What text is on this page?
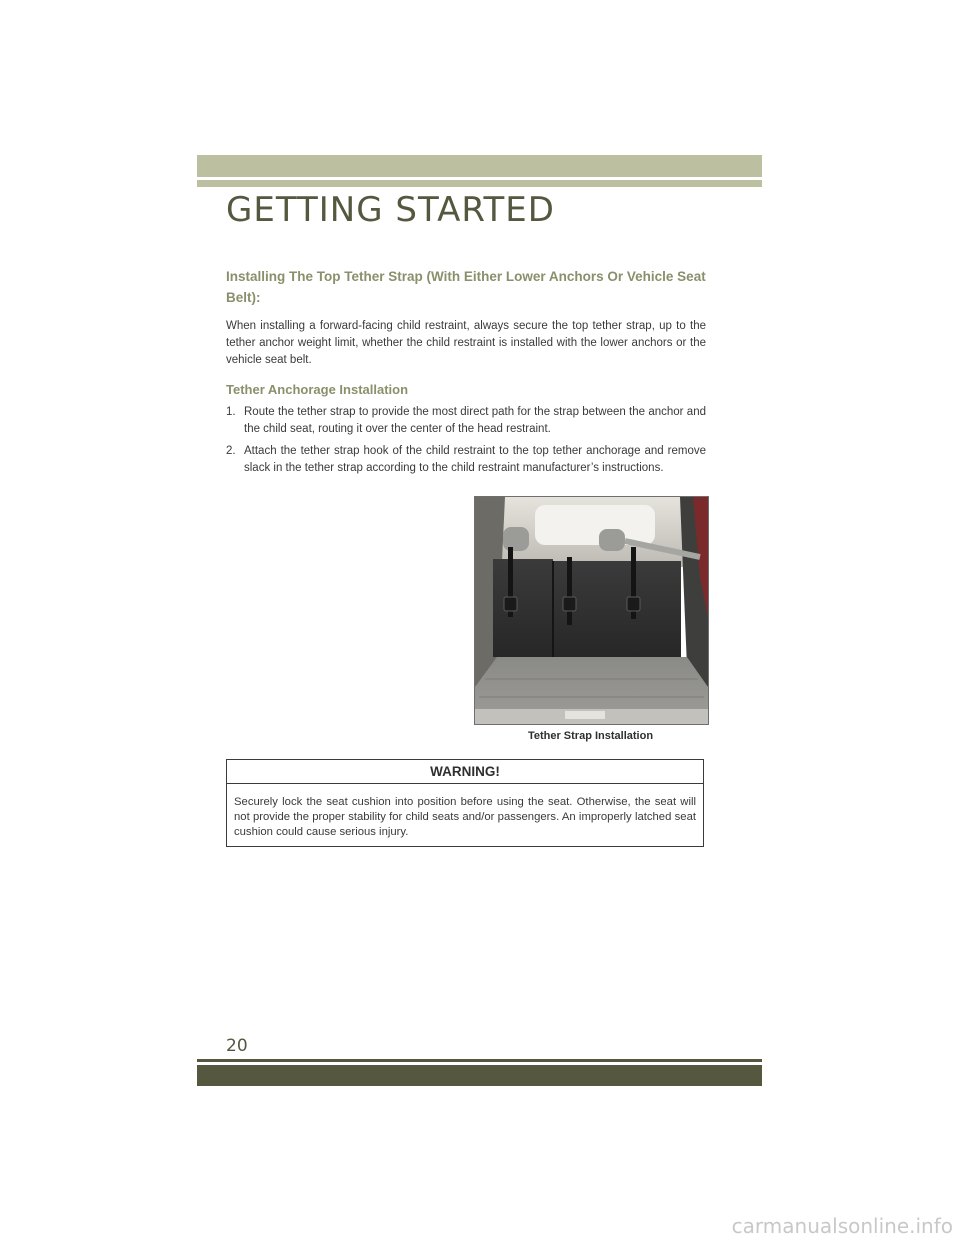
GETTING STARTED
Installing The Top Tether Strap (With Either Lower Anchors Or Vehicle Seat Belt):

When installing a forward-facing child restraint, always secure the top tether strap, up to the tether anchor weight limit, whether the child restraint is installed with the lower anchors or the vehicle seat belt.

Tether Anchorage Installation
1. Route the tether strap to provide the most direct path for the strap between the anchor and the child seat, routing it over the center of the head restraint.
2. Attach the tether strap hook of the child restraint to the top tether anchorage and remove slack in the tether strap according to the child restraint manufacturer’s instructions.
Tether Strap Installation
WARNING!
Securely lock the seat cushion into position before using the seat. Otherwise, the seat will not provide the proper stability for child seats and/or passengers. An improperly latched seat cushion could cause serious injury.
20
carmanualsonline.info
